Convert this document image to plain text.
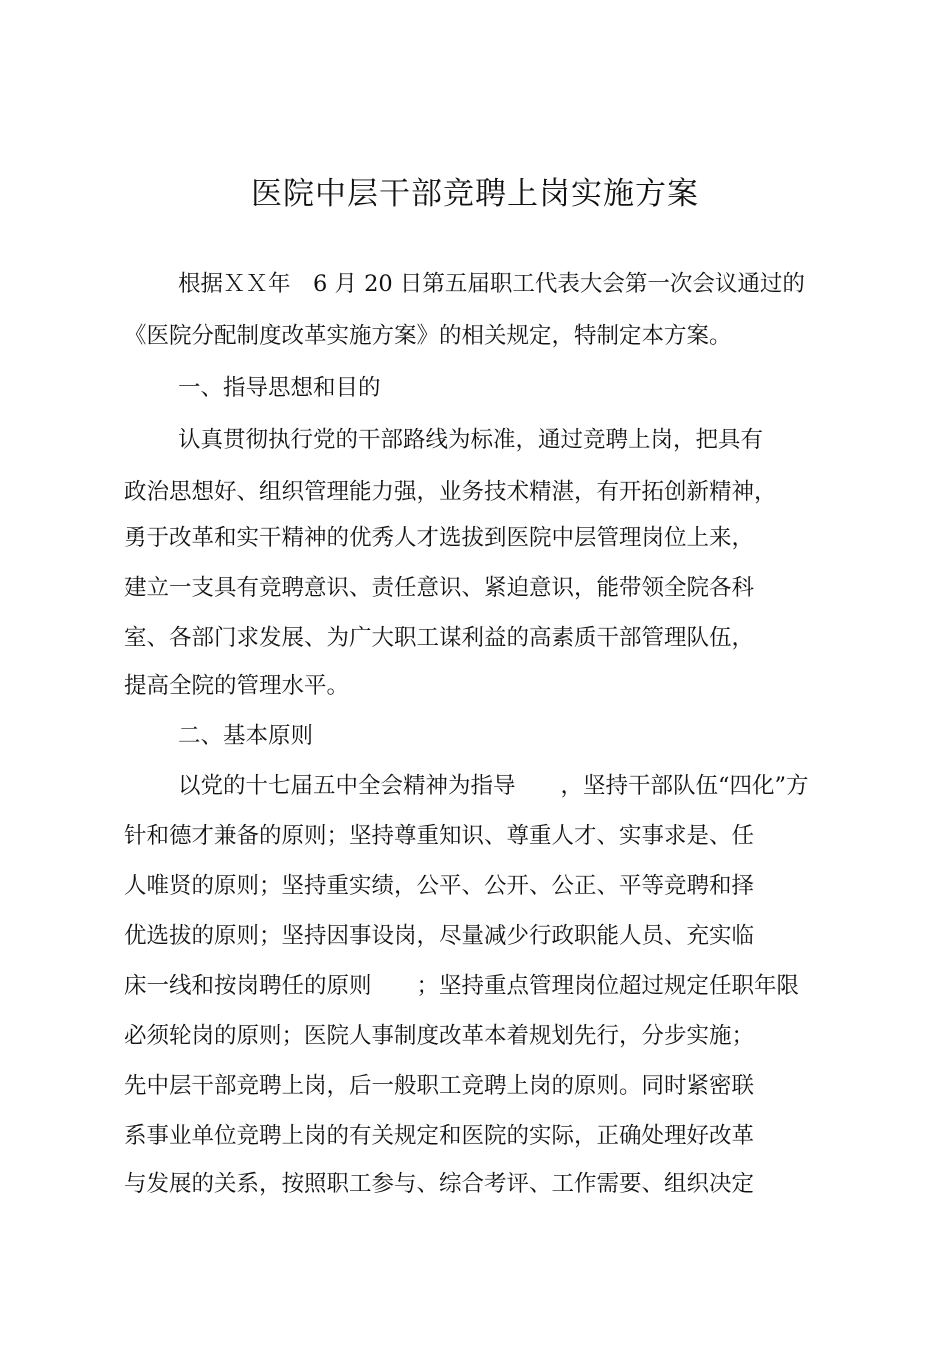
医院中层干部竞聘上岗实施方案
根据ＸＸ年　6 月 20 日第五届职工代表大会第一次会议通过的
《医院分配制度改革实施方案》的相关规定，特制定本方案。
一、指导思想和目的
认真贯彻执行党的干部路线为标准，通过竞聘上岗，把具有
政治思想好、组织管理能力强，业务技术精湛，有开拓创新精神，
勇于改革和实干精神的优秀人才选拔到医院中层管理岗位上来，
建立一支具有竞聘意识、责任意识、紧迫意识，能带领全院各科
室、各部门求发展、为广大职工谋利益的高素质干部管理队伍，
提高全院的管理水平。
二、基本原则
以党的十七届五中全会精神为指导　　，坚持干部队伍“四化”方
针和德才兼备的原则；坚持尊重知识、尊重人才、实事求是、任
人唯贤的原则；坚持重实绩，公平、公开、公正、平等竞聘和择
优选拔的原则；坚持因事设岗，尽量减少行政职能人员、充实临
床一线和按岗聘任的原则　　；坚持重点管理岗位超过规定任职年限
必须轮岗的原则；医院人事制度改革本着规划先行，分步实施；
先中层干部竞聘上岗，后一般职工竞聘上岗的原则。同时紧密联
系事业单位竞聘上岗的有关规定和医院的实际，正确处理好改革
与发展的关系，按照职工参与、综合考评、工作需要、组织决定
